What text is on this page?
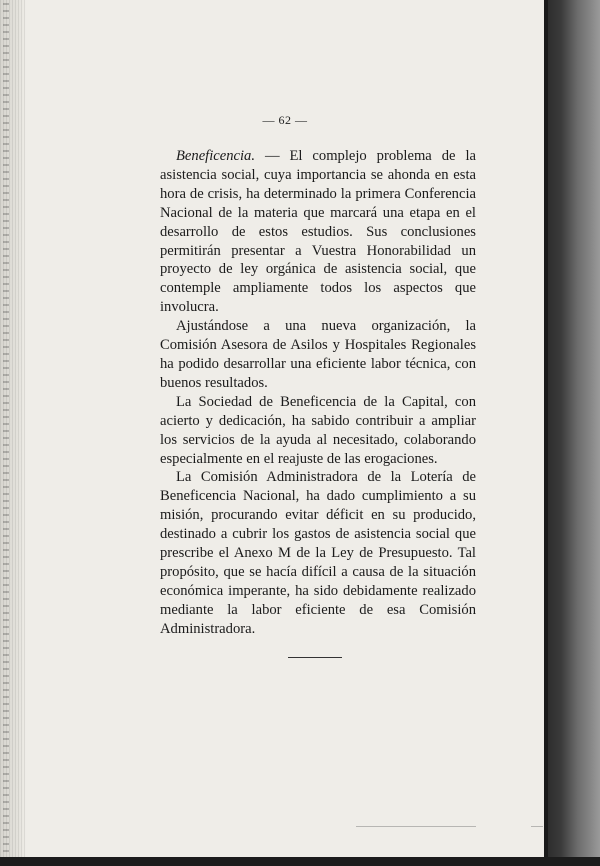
— 62 —

Beneficencia. — El complejo problema de la asistencia social, cuya importancia se ahonda en esta hora de crisis, ha determinado la primera Conferencia Nacional de la materia que marcará una etapa en el desarrollo de estos estudios. Sus conclusiones permitirán presentar a Vuestra Honorabilidad un proyecto de ley orgánica de asistencia social, que contemple ampliamente todos los aspectos que involucra.

Ajustándose a una nueva organización, la Comisión Asesora de Asilos y Hospitales Regionales ha podido desarrollar una eficiente labor técnica, con buenos resultados.

La Sociedad de Beneficencia de la Capital, con acierto y dedicación, ha sabido contribuir a ampliar los servicios de la ayuda al necesitado, colaborando especialmente en el reajuste de las erogaciones.

La Comisión Administradora de la Lotería de Beneficencia Nacional, ha dado cumplimiento a su misión, procurando evitar déficit en su producido, destinado a cubrir los gastos de asistencia social que prescribe el Anexo M de la Ley de Presupuesto. Tal propósito, que se hacía difícil a causa de la situación económica imperante, ha sido debidamente realizado mediante la labor eficiente de esa Comisión Administradora.
